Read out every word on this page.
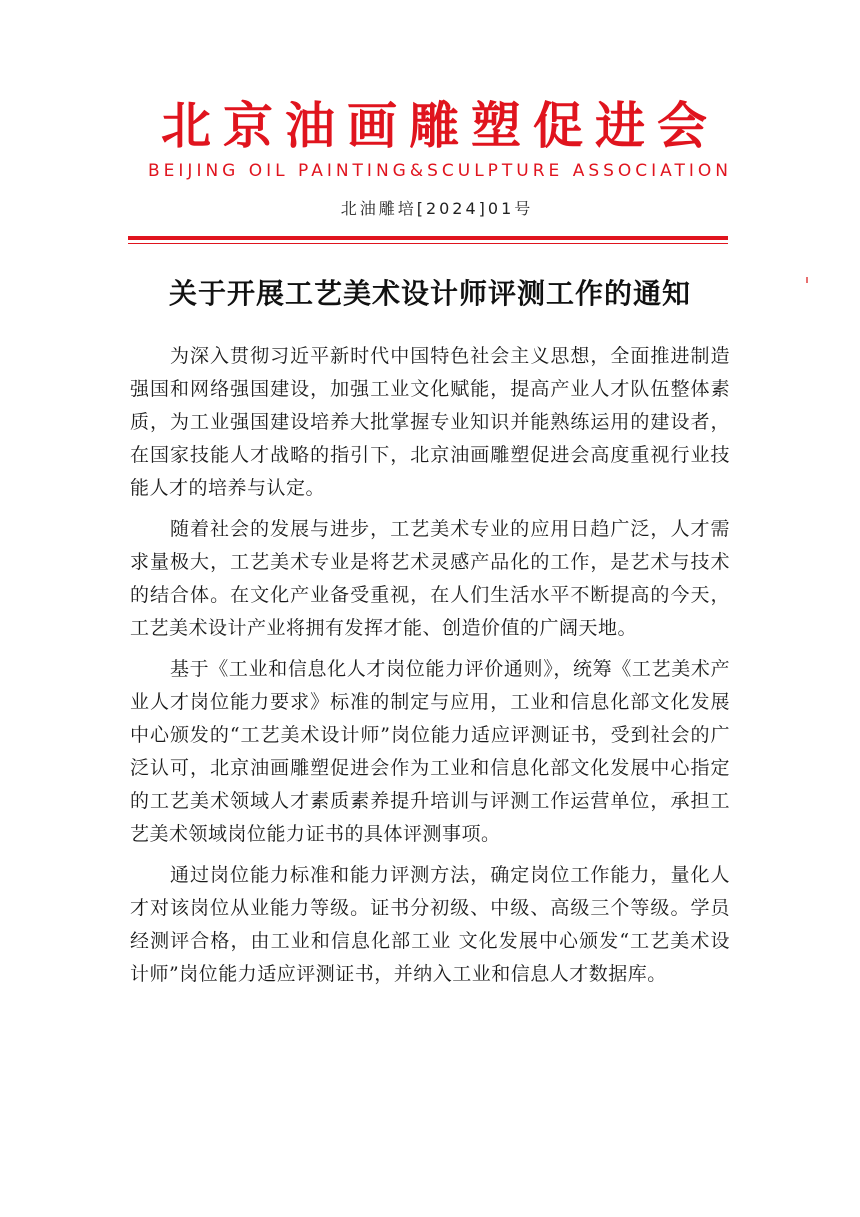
北京油画雕塑促进会
BEIJING OIL PAINTING&SCULPTURE ASSOCIATION
北油雕培[2024]01号
关于开展工艺美术设计师评测工作的通知

为深入贯彻习近平新时代中国特色社会主义思想，全面推进制造强国和网络强国建设，加强工业文化赋能，提高产业人才队伍整体素质，为工业强国建设培养大批掌握专业知识并能熟练运用的建设者，在国家技能人才战略的指引下，北京油画雕塑促进会高度重视行业技能人才的培养与认定。

随着社会的发展与进步，工艺美术专业的应用日趋广泛，人才需求量极大，工艺美术专业是将艺术灵感产品化的工作，是艺术与技术的结合体。在文化产业备受重视，在人们生活水平不断提高的今天，工艺美术设计产业将拥有发挥才能、创造价值的广阔天地。

基于《工业和信息化人才岗位能力评价通则》，统筹《工艺美术产业人才岗位能力要求》标准的制定与应用，工业和信息化部文化发展中心颁发的“工艺美术设计师”岗位能力适应评测证书，受到社会的广泛认可，北京油画雕塑促进会作为工业和信息化部文化发展中心指定的工艺美术领域人才素质素养提升培训与评测工作运营单位，承担工艺美术领域岗位能力证书的具体评测事项。

通过岗位能力标准和能力评测方法，确定岗位工作能力，量化人才对该岗位从业能力等级。证书分初级、中级、高级三个等级。学员经测评合格，由工业和信息化部工业 文化发展中心颁发“工艺美术设计师”岗位能力适应评测证书，并纳入工业和信息人才数据库。
